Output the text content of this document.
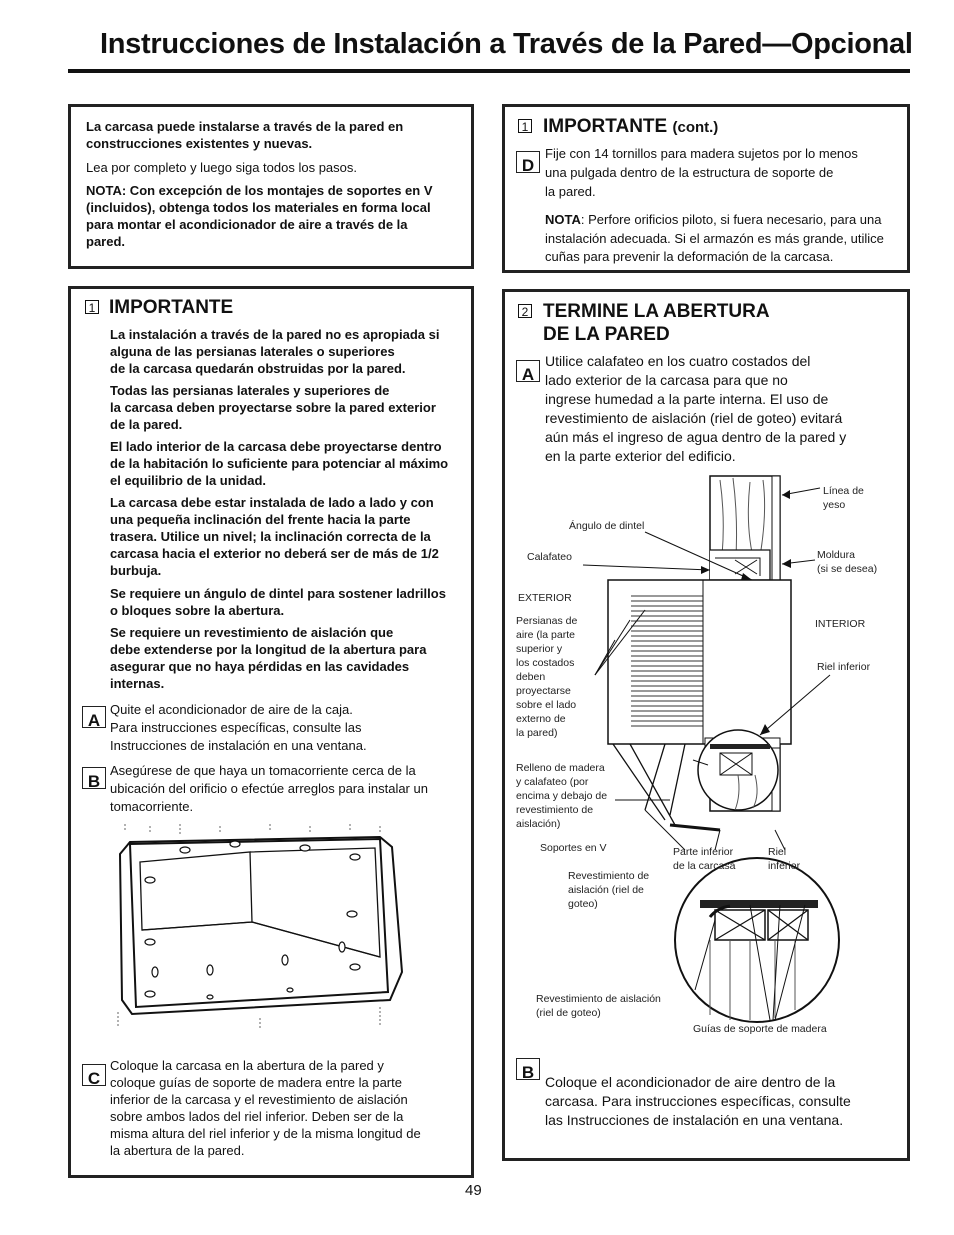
Instrucciones de Instalación a Través de la Pared—Opcional
La carcasa puede instalarse a través de la pared en
construcciones existentes y nuevas.
Lea por completo y luego siga todos los pasos.
NOTA: Con excepción de los montajes de soportes en V
(incluidos), obtenga todos los materiales en forma local
para montar el acondicionador de aire a través de la
pared.
1 IMPORTANTE
La instalación a través de la pared no es apropiada si
alguna de las persianas laterales o superiores
de la carcasa quedarán obstruidas por la pared.
Todas las persianas laterales y superiores de
la carcasa deben proyectarse sobre la pared exterior
de la pared.
El lado interior de la carcasa debe proyectarse dentro
de la habitación lo suficiente para potenciar al máximo
el equilibrio de la unidad.
La carcasa debe estar instalada de lado a lado y con
una pequeña inclinación del frente hacia la parte
trasera. Utilice un nivel; la inclinación correcta de la
carcasa hacia el exterior no deberá ser de más de 1/2
burbuja.
Se requiere un ángulo de dintel para sostener ladrillos
o bloques sobre la abertura.
Se requiere un revestimiento de aislación que
debe extenderse por la longitud de la abertura para
asegurar que no haya pérdidas en las cavidades
internas.
A
Quite el acondicionador de aire de la caja.
Para instrucciones específicas, consulte las
Instrucciones de instalación en una ventana.
B
Asegúrese de que haya un tomacorriente cerca de la
ubicación del orificio o efectúe arreglos para instalar un
tomacorriente.
C
Coloque la carcasa en la abertura de la pared y
coloque guías de soporte de madera entre la parte
inferior de la carcasa y el revestimiento de aislación
sobre ambos lados del riel inferior. Deben ser de la
misma altura del riel inferior y de la misma longitud de
la abertura de la pared.
1 IMPORTANTE (cont.)
D
Fije con 14 tornillos para madera sujetos por lo menos
una pulgada dentro de la estructura de soporte de
la pared.
NOTA: Perfore orificios piloto, si fuera necesario, para una
instalación adecuada. Si el armazón es más grande, utilice
cuñas para prevenir la deformación de la carcasa.
2 TERMINE LA ABERTURA
DE LA PARED
A
Utilice calafateo en los cuatro costados del
lado exterior de la carcasa para que no
ingrese humedad a la parte interna. El uso de
revestimiento de aislación (riel de goteo) evitará
aún más el ingreso de agua dentro de la pared y
en la parte exterior del edificio.
Línea de
yeso
Ángulo de dintel
Calafateo	Moldura
(si se desea)
EXTERIOR
INTERIOR
Persianas de
aire (la parte
superior y
los costados
deben
proyectarse
sobre el lado
externo de
la pared)
Riel inferior
Relleno de madera
y calafateo (por
encima y debajo de
revestimiento de
aislación)
Soportes en V	Parte inferior
de la carcasa
Riel
inferior
Revestimiento de
aislación (riel de
goteo)
Revestimiento de aislación
(riel de goteo)
Guías de soporte de madera
B Coloque el acondicionador de aire dentro de la
carcasa. Para instrucciones específicas, consulte
las Instrucciones de instalación en una ventana.
49
